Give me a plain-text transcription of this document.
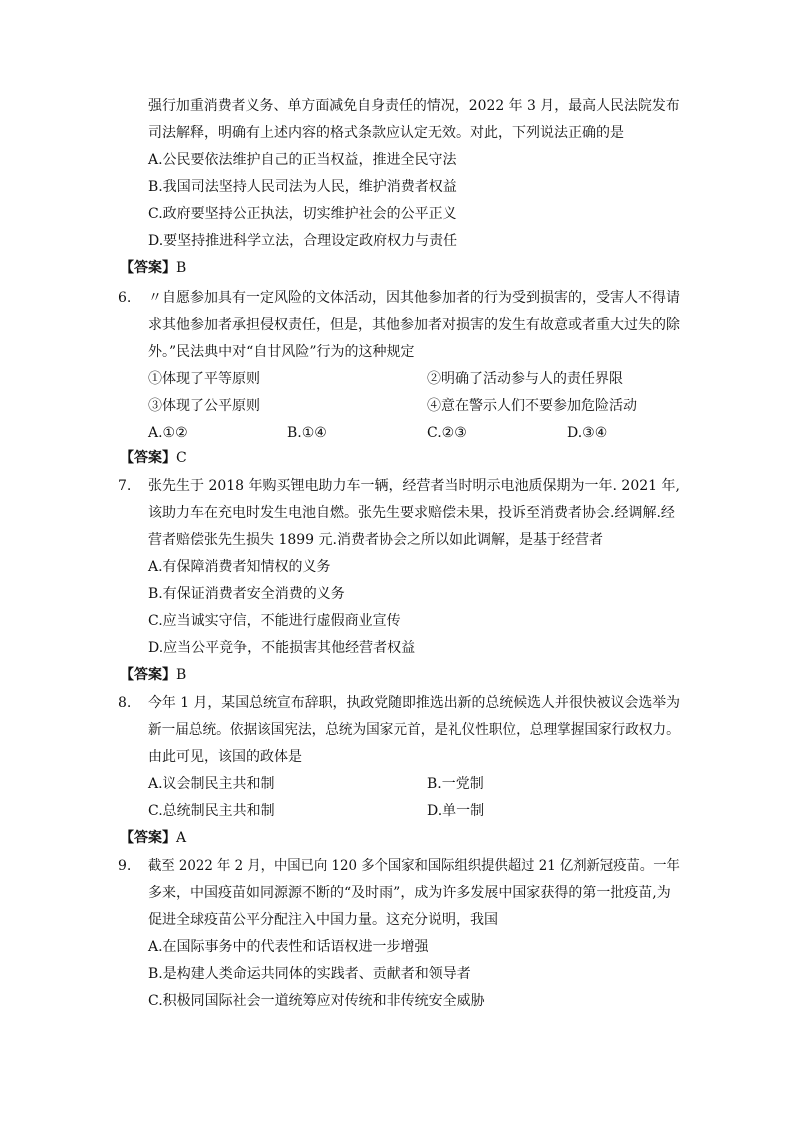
强行加重消费者义务、单方面减免自身责任的情况，2022 年 3 月，最高人民法院发布
司法解释，明确有上述内容的格式条款应认定无效。对此，下列说法正确的是
A.公民要依法维护自己的正当权益，推进全民守法
B.我国司法坚持人民司法为人民，维护消费者权益
C.政府要坚持公正执法，切实维护社会的公平正义
D.要坚持推进科学立法，合理设定政府权力与责任
【答案】B
6. 〃自愿参加具有一定风险的文体活动，因其他参加者的行为受到损害的，受害人不得请
求其他参加者承担侵权责任，但是，其他参加者对损害的发生有故意或者重大过失的除
外。”民法典中对“自甘风险”行为的这种规定
①体现了平等原则	②明确了活动参与人的责任界限
③体现了公平原则	④意在警示人们不要参加危险活动
A.①②	B.①④	C.②③	D.③④
【答案】C
7. 张先生于 2018 年购买锂电助力车一辆，经营者当时明示电池质保期为一年. 2021 年,
该助力车在充电时发生电池自燃。张先生要求赔偿未果，投诉至消费者协会.经调解.经
营者赔偿张先生损失 1899 元.消费者协会之所以如此调解，是基于经营者
A.有保障消费者知情权的义务
B.有保证消费者安全消费的义务
C.应当诚实守信，不能进行虚假商业宣传
D.应当公平竞争，不能损害其他经营者权益
【答案】B
8. 今年 1 月，某国总统宣布辞职，执政党随即推选出新的总统候选人并很快被议会选举为
新一届总统。依据该国宪法，总统为国家元首，是礼仪性职位，总理掌握国家行政权力。
由此可见，该国的政体是
A.议会制民主共和制	B.一党制
C.总统制民主共和制	D.单一制
【答案】A
9. 截至 2022 年 2 月，中国已向 120 多个国家和国际组织提供超过 21 亿剂新冠疫苗。一年
多来，中国疫苗如同源源不断的“及时雨”，成为许多发展中国家获得的第一批疫苗,为
促进全球疫苗公平分配注入中国力量。这充分说明，我国
A.在国际事务中的代表性和话语权进一步增强
B.是构建人类命运共同体的实践者、贡献者和领导者
C.积极同国际社会一道统筹应对传统和非传统安全威胁
